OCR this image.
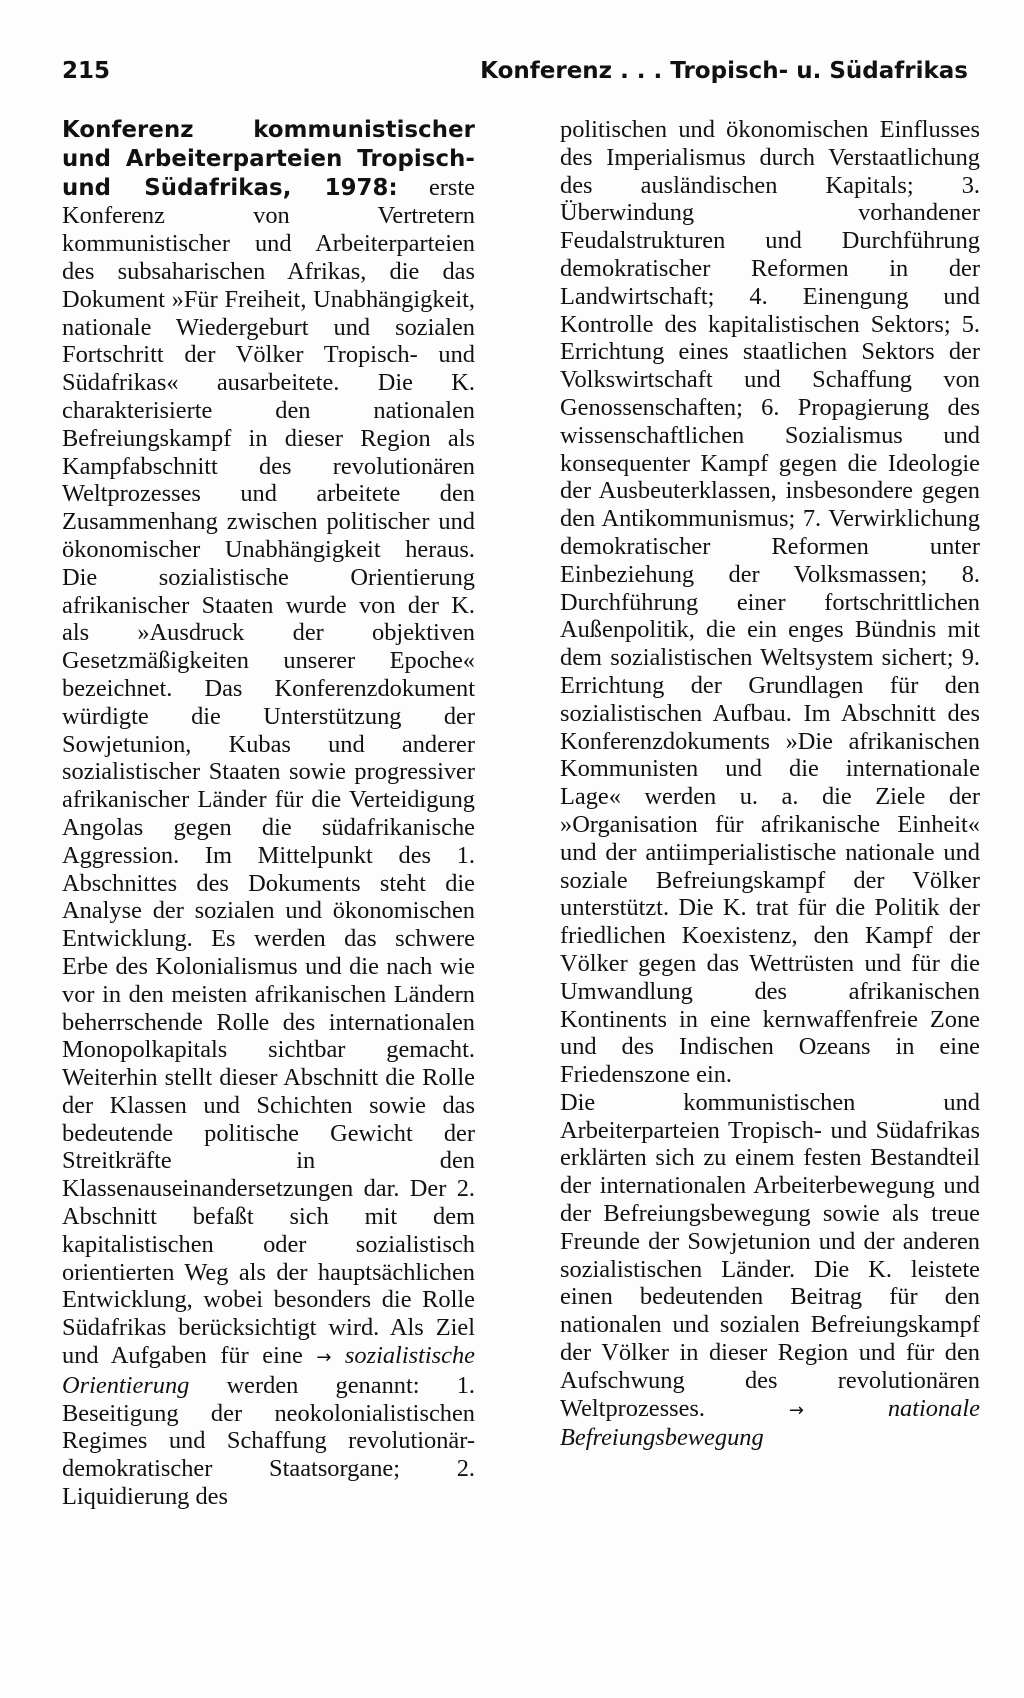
215	Konferenz . . . Tropisch- u. Südafrikas

Konferenz kommunistischer und Arbeiterparteien Tropisch- und Südafrikas, 1978: erste Konferenz von Vertretern kommunistischer und Arbeiterparteien des subsaharischen Afrikas, die das Dokument »Für Freiheit, Unabhängigkeit, nationale Wiedergeburt und sozialen Fortschritt der Völker Tropisch- und Südafrikas« ausarbeitete. Die K. charakterisierte den nationalen Befreiungskampf in dieser Region als Kampfabschnitt des revolutionären Weltprozesses und arbeitete den Zusammenhang zwischen politischer und ökonomischer Unabhängigkeit heraus. Die sozialistische Orientierung afrikanischer Staaten wurde von der K. als »Ausdruck der objektiven Gesetzmäßigkeiten unserer Epoche« bezeichnet. Das Konferenzdokument würdigte die Unterstützung der Sowjetunion, Kubas und anderer sozialistischer Staaten sowie progressiver afrikanischer Länder für die Verteidigung Angolas gegen die südafrikanische Aggression. Im Mittelpunkt des 1. Abschnittes des Dokuments steht die Analyse der sozialen und ökonomischen Entwicklung. Es werden das schwere Erbe des Kolonialismus und die nach wie vor in den meisten afrikanischen Ländern beherrschende Rolle des internationalen Monopolkapitals sichtbar gemacht. Weiterhin stellt dieser Abschnitt die Rolle der Klassen und Schichten sowie das bedeutende politische Gewicht der Streitkräfte in den Klassenauseinandersetzungen dar. Der 2. Abschnitt befaßt sich mit dem kapitalistischen oder sozialistisch orientierten Weg als der hauptsächlichen Entwicklung, wobei besonders die Rolle Südafrikas berücksichtigt wird. Als Ziel und Aufgaben für eine → sozialistische Orientierung werden genannt: 1. Beseitigung der neokolonialistischen Regimes und Schaffung revolutionär-demokratischer Staatsorgane; 2. Liquidierung des

politischen und ökonomischen Einflusses des Imperialismus durch Verstaatlichung des ausländischen Kapitals; 3. Überwindung vorhandener Feudalstrukturen und Durchführung demokratischer Reformen in der Landwirtschaft; 4. Einengung und Kontrolle des kapitalistischen Sektors; 5. Errichtung eines staatlichen Sektors der Volkswirtschaft und Schaffung von Genossenschaften; 6. Propagierung des wissenschaftlichen Sozialismus und konsequenter Kampf gegen die Ideologie der Ausbeuterklassen, insbesondere gegen den Antikommunismus; 7. Verwirklichung demokratischer Reformen unter Einbeziehung der Volksmassen; 8. Durchführung einer fortschrittlichen Außenpolitik, die ein enges Bündnis mit dem sozialistischen Weltsystem sichert; 9. Errichtung der Grundlagen für den sozialistischen Aufbau. Im Abschnitt des Konferenzdokuments »Die afrikanischen Kommunisten und die internationale Lage« werden u. a. die Ziele der »Organisation für afrikanische Einheit« und der antiimperialistische nationale und soziale Befreiungskampf der Völker unterstützt. Die K. trat für die Politik der friedlichen Koexistenz, den Kampf der Völker gegen das Wettrüsten und für die Umwandlung des afrikanischen Kontinents in eine kernwaffenfreie Zone und des Indischen Ozeans in eine Friedenszone ein.

Die kommunistischen und Arbeiterparteien Tropisch- und Südafrikas erklärten sich zu einem festen Bestandteil der internationalen Arbeiterbewegung und der Befreiungsbewegung sowie als treue Freunde der Sowjetunion und der anderen sozialistischen Länder. Die K. leistete einen bedeutenden Beitrag für den nationalen und sozialen Befreiungskampf der Völker in dieser Region und für den Aufschwung des revolutionären Weltprozesses.	→	nationale Befreiungsbewegung
